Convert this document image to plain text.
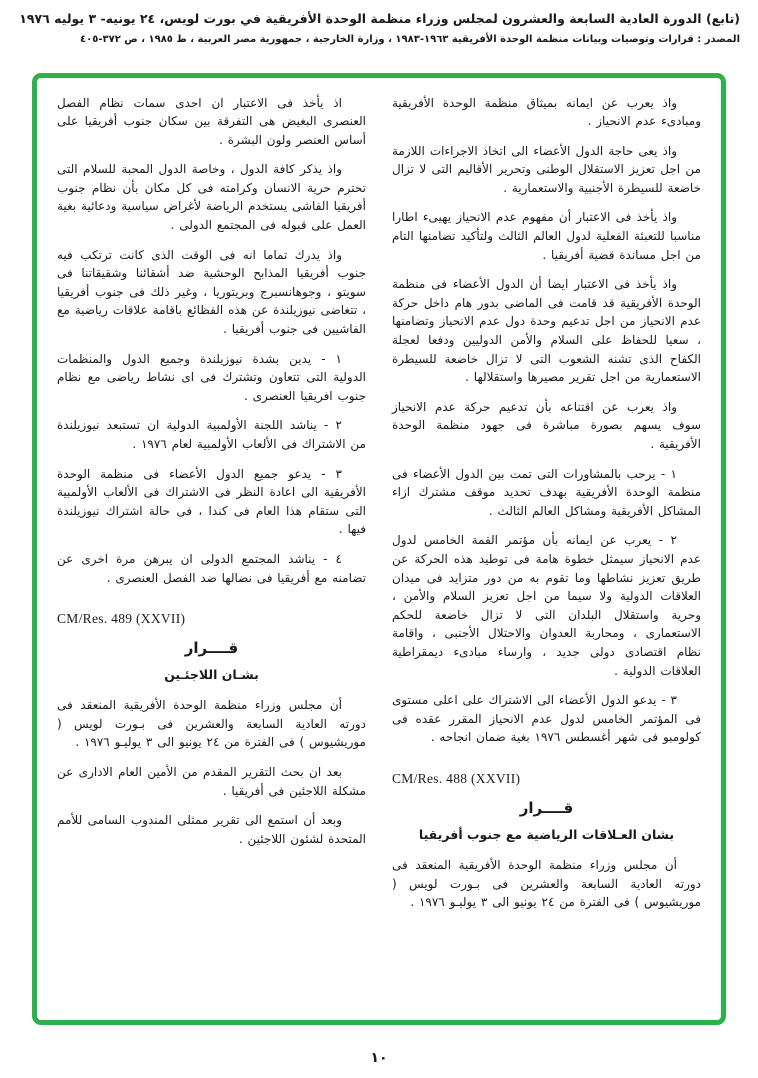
(تابع) الدورة العادية السابعة والعشرون لمجلس وزراء منظمة الوحدة الأفريقية في بورت لويس، ٢٤ يونيه- ٣ يوليه ١٩٧٦
المصدر : قرارات وتوصيات وبيانات منظمة الوحدة الأفريقية ١٩٦٣-١٩٨٣ ، وزارة الخارجية ، جمهورية مصر العربية ، ط ١٩٨٥ ، ص ٣٧٢-٤٠٥

واذ يعرب عن ايمانه بميثاق منظمة الوحدة الأفريقية ومبادىء عدم الانحياز .

واذ يعى حاجة الدول الأعضاء الى اتخاذ الاجراءات اللازمة من اجل تعزيز الاستقلال الوطنى وتحرير الأقاليم التى لا تزال خاضعة للسيطرة الأجنبية والاستعمارية .

واذ يأخذ فى الاعتبار أن مفهوم عدم الانحياز يهيىء اطارا مناسبا للتعبئة الفعلية لدول العالم الثالث ولتأكيد تضامنها التام من اجل مساندة قضية أفريقيا .

واذ يأخذ فى الاعتبار ايضا أن الدول الأعضاء فى منظمة الوحدة الأفريقية قد قامت فى الماضى بدور هام داخل حركة عدم الانحياز من اجل تدعيم وحدة دول عدم الانحياز وتضامنها ، سعيا للحفاظ على السلام والأمن الدوليين ودفعا لعجلة الكفاح الذى تشنه الشعوب التى لا تزال خاضعة للسيطرة الاستعمارية من اجل تقرير مصيرها واستقلالها .

واذ يعرب عن اقتناعه بأن تدعيم حركة عدم الانحياز سوف يسهم بصورة مباشرة فى جهود منظمة الوحدة الأفريقية .

١ - يرحب بالمشاورات التى تمت بين الدول الأعضاء فى منظمة الوحدة الأفريقية بهدف تحديد موقف مشترك ازاء المشاكل الأفريقية ومشاكل العالم الثالث .

٢ - يعرب عن ايمانه بأن مؤتمر القمة الخامس لدول عدم الانحياز سيمثل خطوة هامة فى توطيد هذه الحركة عن طريق تعزيز نشاطها وما تقوم به من دور متزايد فى ميدان العلاقات الدولية ولا سيما من اجل تعزيز السلام والأمن ، وحرية واستقلال البلدان التى لا تزال خاضعة للحكم الاستعمارى ، ومحاربة العدوان والاحتلال الأجنبى ، واقامة نظام اقتصادى دولى جديد ، وارساء مبادىء ديمقراطية العلاقات الدولية .

٣ - يدعو الدول الأعضاء الى الاشتراك على اعلى مستوى فى المؤتمر الخامس لدول عدم الانحياز المقرر عقده فى كولومبو فى شهر أغسطس ١٩٧٦ بغية ضمان انجاحه .

CM/Res. 488 (XXVII)
قــــرار
بشان العـلاقات الرياضية مع جنوب أفريقيا

أن مجلس وزراء منظمة الوحدة الأفريقية المنعقد فى دورته العادية السابعة والعشرين فى بـورت لويس ( موريشيوس ) فى الفترة من ٢٤ يونيو الى ٣ يوليـو ١٩٧٦ .

اذ يأخذ فى الاعتبار ان احدى سمات نظام الفصل العنصرى البغيض هى التفرقة بين سكان جنوب أفريقيا على أساس العنصر ولون البشرة .

واذ يذكر كافة الدول ، وخاصة الدول المحبة للسلام التى تحترم حرية الانسان وكرامته فى كل مكان بأن نظام جنوب أفريقيا الفاشى يستخدم الرياضة لأغراض سياسية ودعائية بغية العمل على قبوله فى المجتمع الدولى .

واذ يدرك تماما انه فى الوقت الذى كانت ترتكب فيه جنوب أفريقيا المذابح الوحشية ضد أشقائنا وشقيقاتنا فى سويتو ، وجوهانسبرج وبريتوريا ، وغير ذلك فى جنوب أفريقيا ، تتغاضى نيوزيلندة عن هذه الفظائع باقامة علاقات رياضية مع الفاشيين فى جنوب أفريقيا .

١ - يدين بشدة نيوزيلندة وجميع الدول والمنظمات الدولية التى تتعاون وتشترك فى اى نشاط رياضى مع نظام جنوب افريقيا العنصرى .

٢ - يناشد اللجنة الأولمبية الدولية ان تستبعد نيوزيلندة من الاشتراك فى الألعاب الأولمبية لعام ١٩٧٦ .

٣ - يدعو جميع الدول الأعضاء فى منظمة الوحدة الأفريقية الى اعادة النظر فى الاشتراك فى الألعاب الأولمبية التى ستقام هذا العام فى كندا ، فى حالة اشتراك نيوزيلندة فيها .

٤ - يناشد المجتمع الدولى ان يبرهن مرة اخرى عن تضامنه مع أفريقيا فى نضالها ضد الفصل العنصرى .

CM/Res. 489 (XXVII)
قــــرار
بشـان اللاجئـين

أن مجلس وزراء منظمة الوحدة الأفريقية المنعقد فى دورته العادية السابعة والعشرين فى بـورت لويس ( موريشيوس ) فى الفترة من ٢٤ يونيو الى ٣ يوليـو ١٩٧٦ .

بعد ان بحث التقرير المقدم من الأمين العام الادارى عن مشكلة اللاجئين فى أفريقيا .

وبعد أن استمع الى تقرير ممثلى المندوب السامى للأمم المتحدة لشئون اللاجئين .

١٠
